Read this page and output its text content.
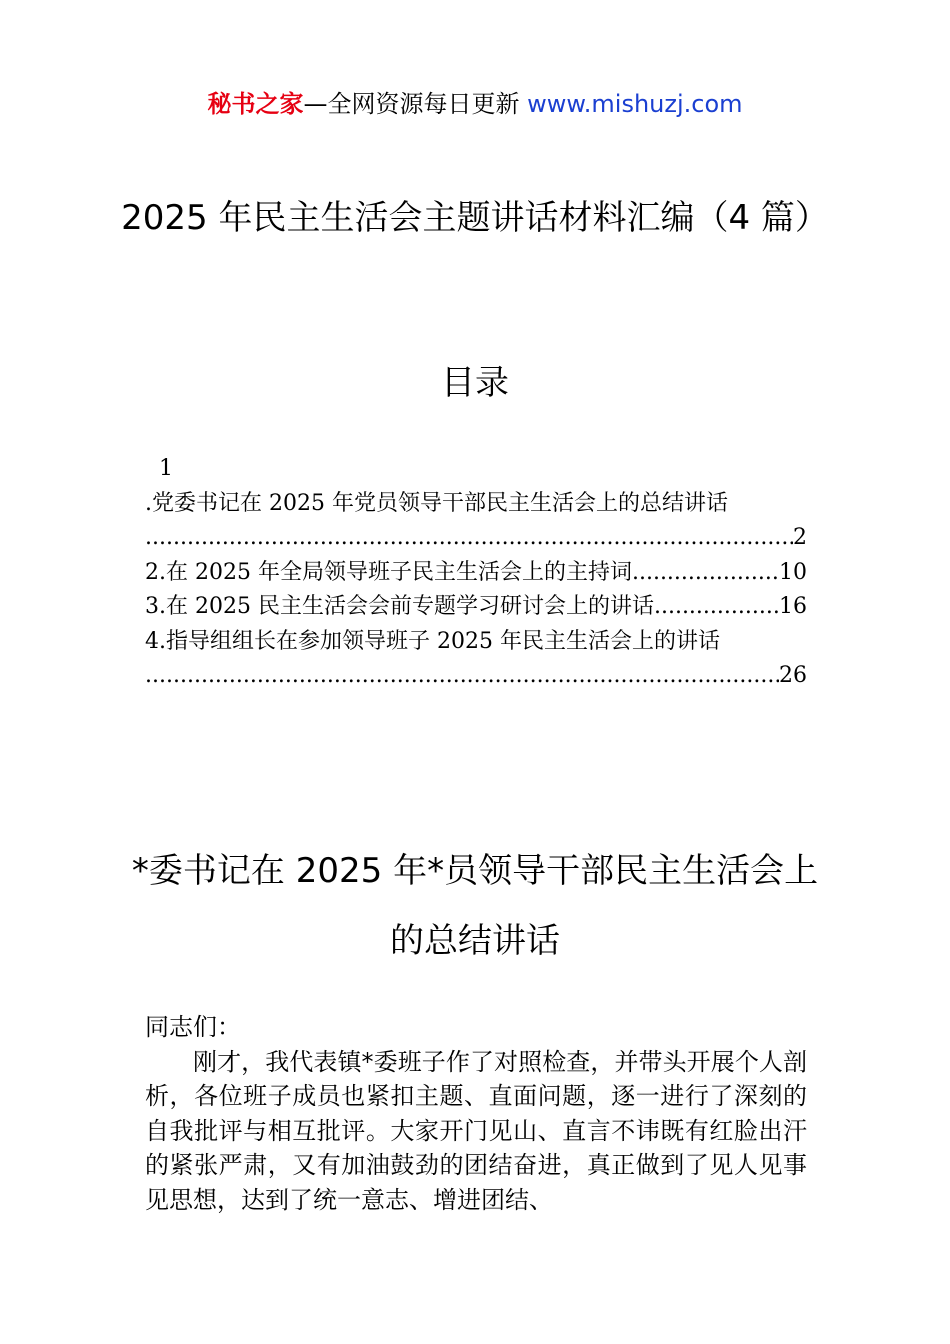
秘书之家—全网资源每日更新 www.mishuzj.com
2025 年民主生活会主题讲话材料汇编（4 篇）
目录
1
.党委书记在 2025 年党员领导干部民主生活会上的总结讲话
.....
2
2.在 2025 年全局领导班子民主生活会上的主持词 .....	10
3.在 2025 民主生活会会前专题学习研讨会上的讲话 .....	16
4.指导组组长在参加领导班子 2025 年民主生活会上的讲话
.....
26
*委书记在 2025 年*员领导干部民主生活会上的总结讲话
同志们：
刚才，我代表镇*委班子作了对照检查，并带头开展个人剖析，各位班子成员也紧扣主题、直面问题，逐一进行了深刻的自我批评与相互批评。大家开门见山、直言不讳既有红脸出汗的紧张严肃，又有加油鼓劲的团结奋进，真正做到了见人见事见思想，达到了统一意志、增进团结、
